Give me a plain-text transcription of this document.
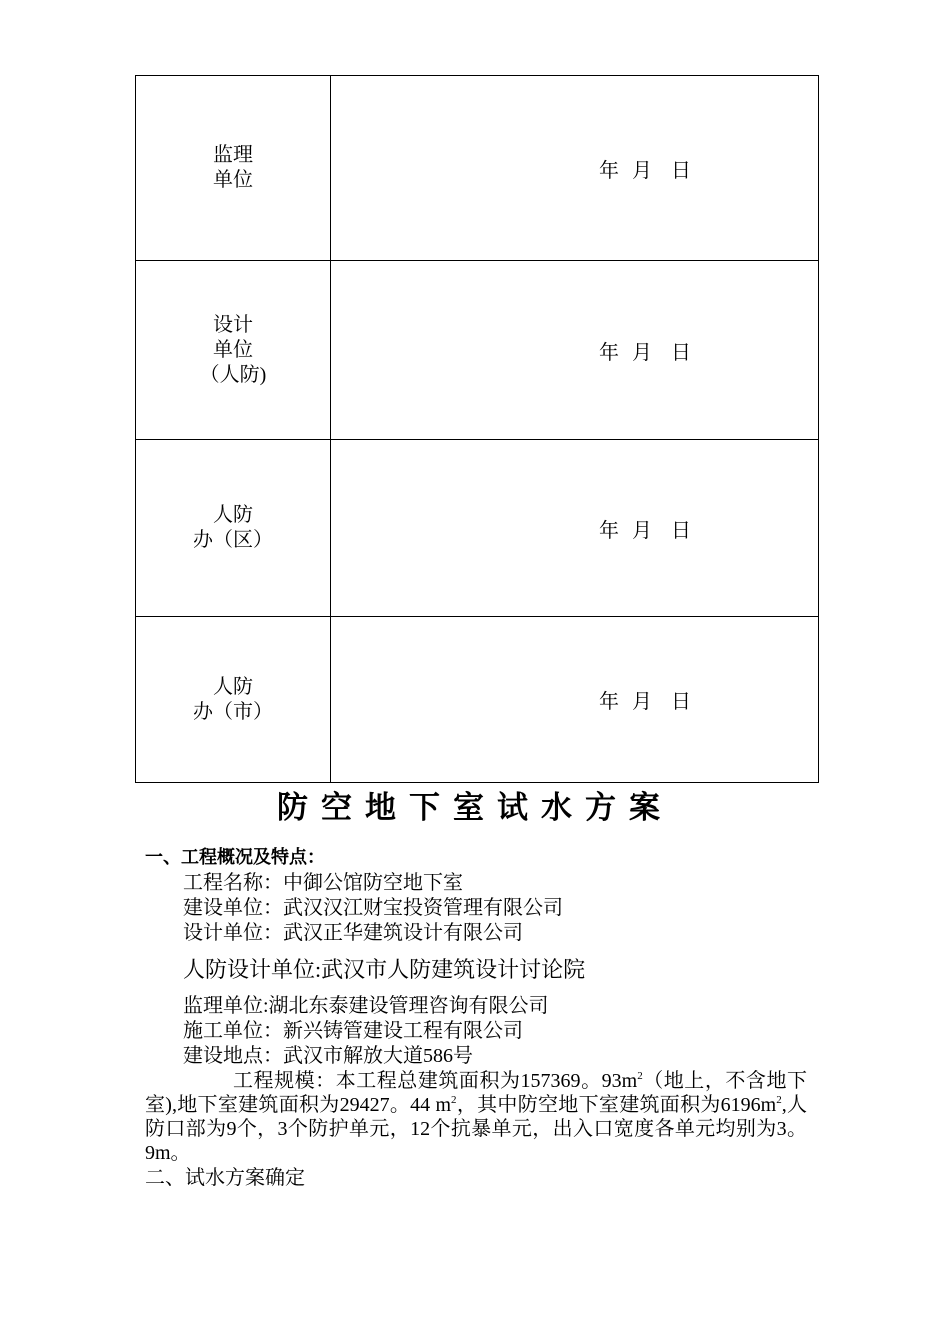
监理
单位	年  月   日

设计
单位
（人防)	年  月   日

人防
办（区）	年  月   日

人防
办（市）	年  月   日
防空地下室试水方案
一、工程概况及特点：
工程名称：中御公馆防空地下室
建设单位：武汉汉江财宝投资管理有限公司
设计单位：武汉正华建筑设计有限公司
人防设计单位:武汉市人防建筑设计讨论院
监理单位:湖北东泰建设管理咨询有限公司
施工单位：新兴铸管建设工程有限公司
建设地点：武汉市解放大道586号
工程规模：本工程总建筑面积为157369。$93m^2$（地上，不含地下室),地下室建筑面积为29427。44 $m^2$，其中防空地下室建筑面积为$6196m^2$,人防口部为9个，3个防护单元，12个抗暴单元，出入口宽度各单元均别为3。9m。
二、试水方案确定
